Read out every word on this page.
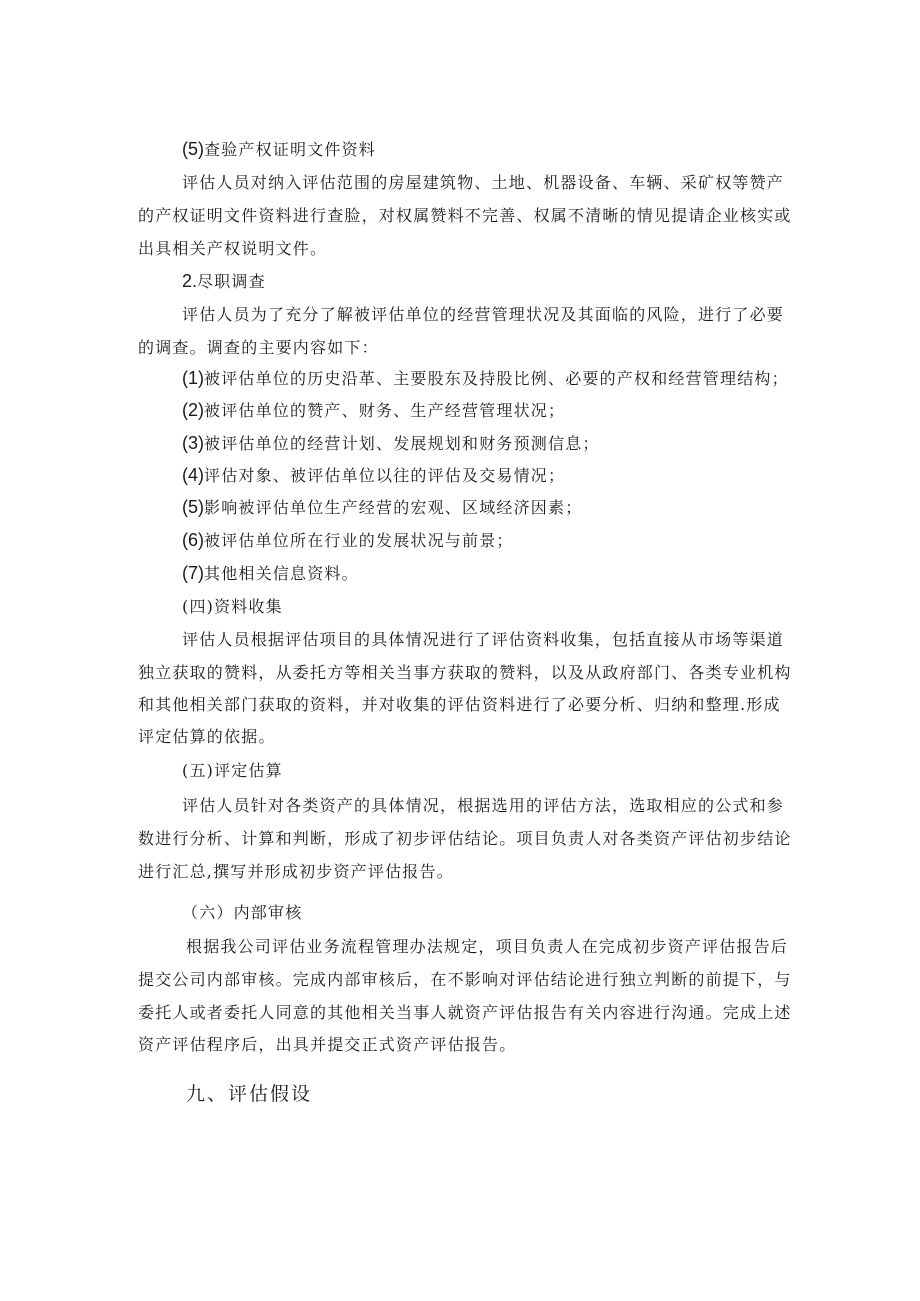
(5)查验产权证明文件资料
评估人员对纳入评估范围的房屋建筑物、土地、机器设备、车辆、采矿权等赞产
的产权证明文件资料进行查脸，对权属赞料不完善、权属不清晰的情见提请企业核实或
出具相关产权说明文件。
2.尽职调查
评估人员为了充分了解被评估单位的经营管理状况及其面临的风险，进行了必要
的调查。调查的主要内容如下：
(1)被评估单位的历史沿革、主要股东及持股比例、必要的产权和经营管理结构；
(2)被评估单位的赞产、财务、生产经营管理状况；
(3)被评估单位的经营计划、发展规划和财务预测信息；
(4)评估对象、被评估单位以往的评估及交易情况；
(5)影响被评估单位生产经营的宏观、区域经济因素；
(6)被评估单位所在行业的发展状况与前景；
(7)其他相关信息资料。
(四)资料收集
评估人员根据评估项目的具体情况进行了评估资料收集，包括直接从市场等渠道
独立获取的赞料，从委托方等相关当事方获取的赞料，以及从政府部门、各类专业机构
和其他相关部门获取的资料，并对收集的评估资料进行了必要分析、归纳和整理.形成
评定估算的依据。
(五)评定估算
评估人员针对各类资产的具体情况，根据选用的评估方法，选取相应的公式和参
数进行分析、计算和判断，形成了初步评估结论。项目负责人对各类资产评估初步结论
进行汇总,撰写并形成初步资产评估报告。
（六）内部审核
根据我公司评估业务流程管理办法规定，项目负责人在完成初步资产评估报告后
提交公司内部审核。完成内部审核后，在不影响对评估结论进行独立判断的前提下，与
委托人或者委托人同意的其他相关当事人就资产评估报告有关内容进行沟通。完成上述
资产评估程序后，出具并提交正式资产评估报告。
九、评估假设
